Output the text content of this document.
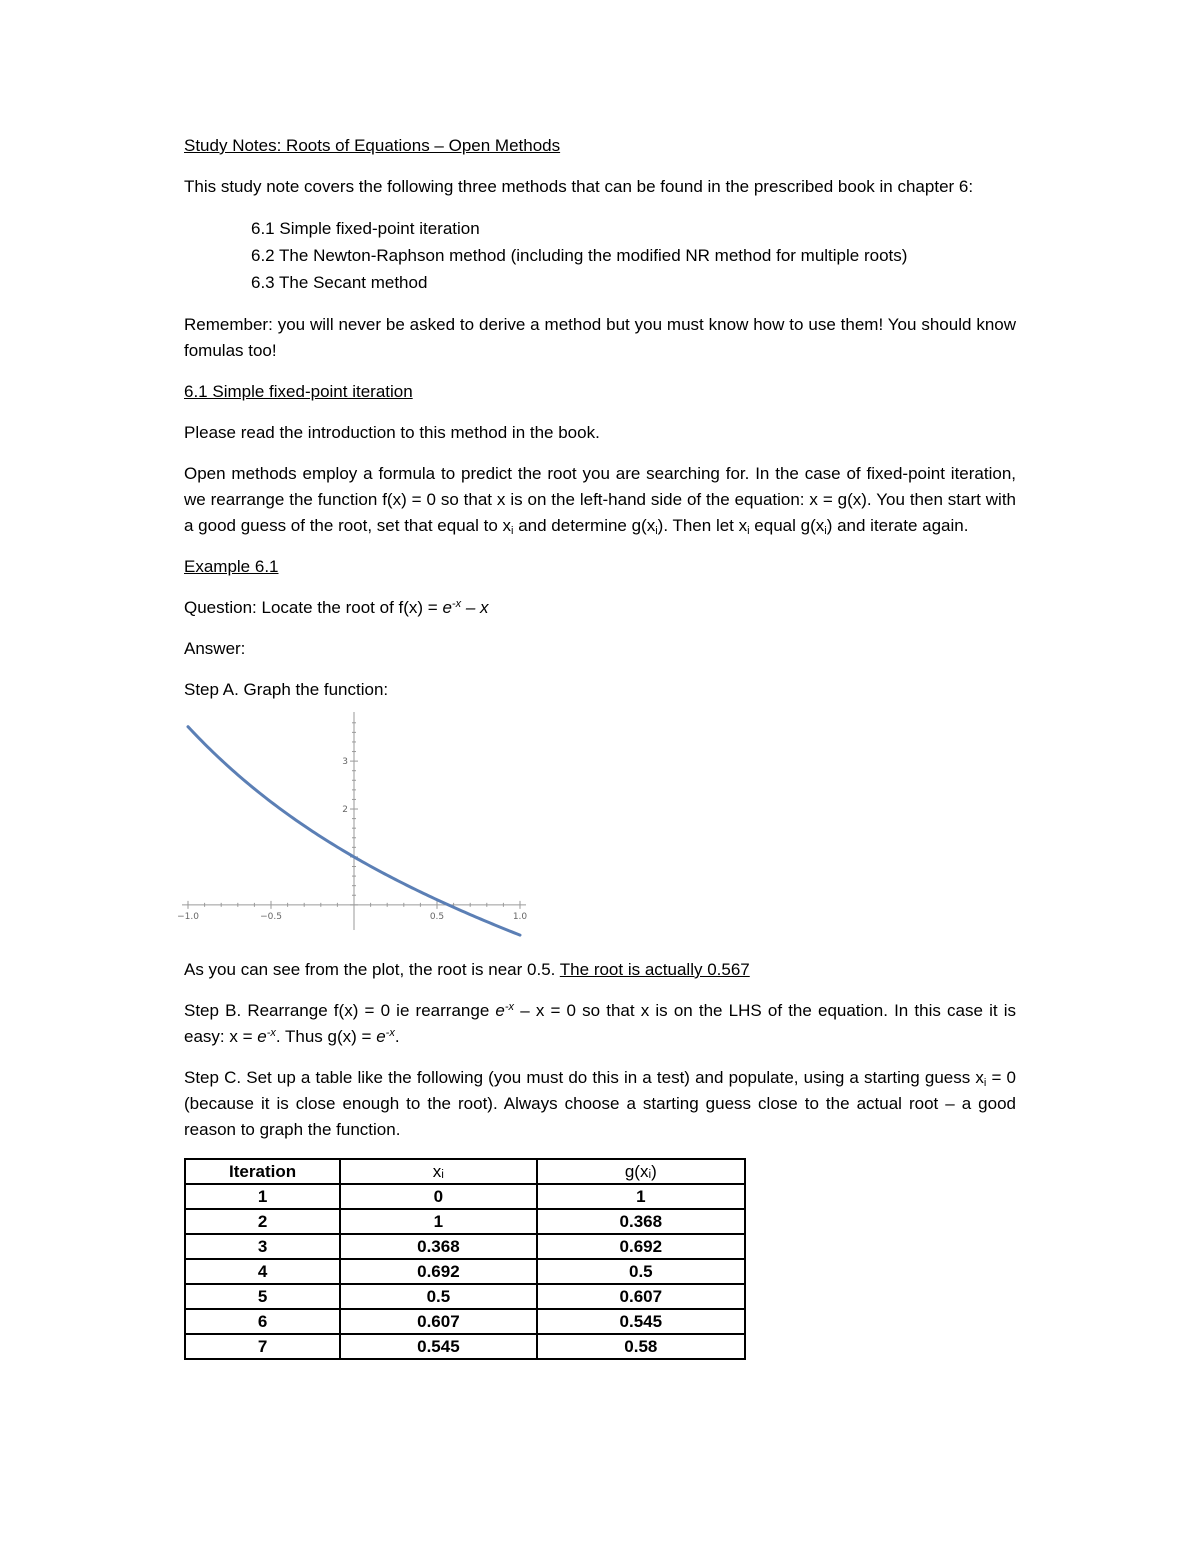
Study Notes: Roots of Equations – Open Methods

This study note covers the following three methods that can be found in the prescribed book in chapter 6:

6.1 Simple fixed-point iteration
6.2 The Newton-Raphson method (including the modified NR method for multiple roots)
6.3 The Secant method

Remember: you will never be asked to derive a method but you must know how to use them! You should know fomulas too!

6.1 Simple fixed-point iteration

Please read the introduction to this method in the book.

Open methods employ a formula to predict the root you are searching for. In the case of fixed-point iteration, we rearrange the function f(x) = 0 so that x is on the left-hand side of the equation: x = g(x). You then start with a good guess of the root, set that equal to $x_i$ and determine $g(x_i)$. Then let $x_i$ equal $g(x_i)$ and iterate again.

Example 6.1

Question: Locate the root of $f(x) = e^{-x} - x$

Answer:

Step A. Graph the function:

−1.0	−0.5	0.5	1.0
2
3

As you can see from the plot, the root is near 0.5. The root is actually 0.567

Step B. Rearrange f(x) = 0 ie rearrange $e^{-x} - x = 0$ so that x is on the LHS of the equation. In this case it is easy: $x = e^{-x}$. Thus $g(x) = e^{-x}$.

Step C. Set up a table like the following (you must do this in a test) and populate, using a starting guess $x_i = 0$ (because it is close enough to the root). Always choose a starting guess close to the actual root – a good reason to graph the function.

Iteration	xᵢ	g(xᵢ)
1	0	1
2	1	0.368
3	0.368	0.692
4	0.692	0.5
5	0.5	0.607
6	0.607	0.545
7	0.545	0.58
